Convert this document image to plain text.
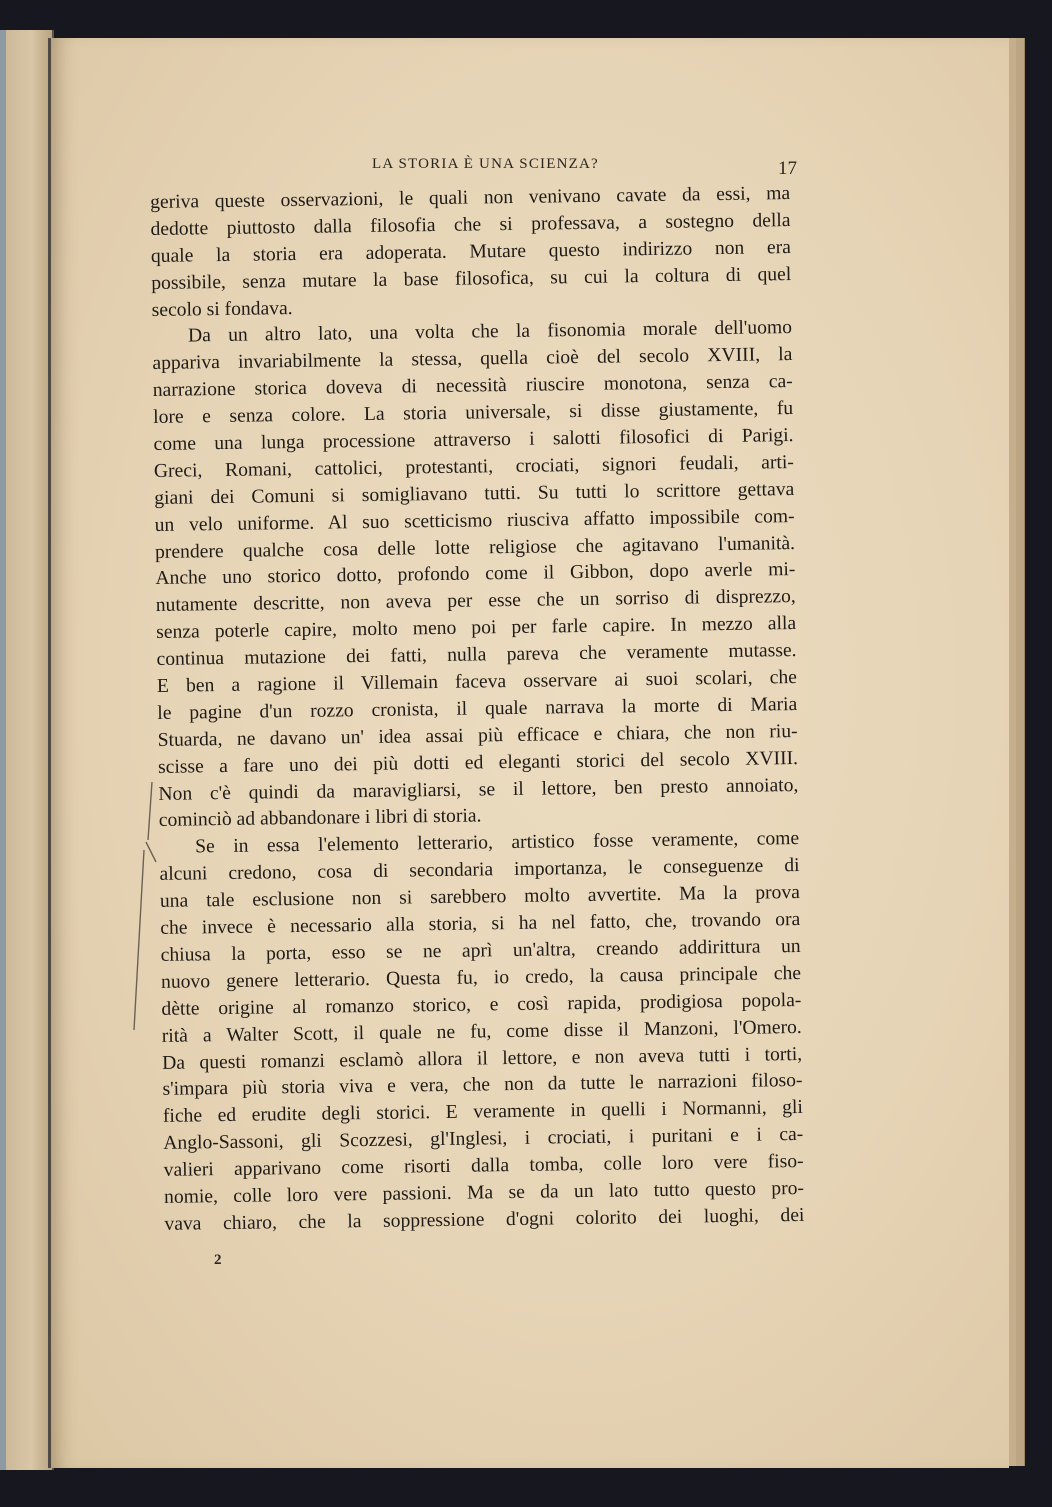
LA STORIA È UNA SCIENZA?	17
geriva queste osservazioni, le quali non venivano cavate da essi, ma
dedotte piuttosto dalla filosofia che si professava, a sostegno della
quale la storia era adoperata. Mutare questo indirizzo non era
possibile, senza mutare la base filosofica, su cui la coltura di quel
secolo si fondava.
Da un altro lato, una volta che la fisonomia morale dell'uomo
appariva invariabilmente la stessa, quella cioè del secolo XVIII, la
narrazione storica doveva di necessità riuscire monotona, senza ca-
lore e senza colore. La storia universale, si disse giustamente, fu
come una lunga processione attraverso i salotti filosofici di Parigi.
Greci, Romani, cattolici, protestanti, crociati, signori feudali, arti-
giani dei Comuni si somigliavano tutti. Su tutti lo scrittore gettava
un velo uniforme. Al suo scetticismo riusciva affatto impossibile com-
prendere qualche cosa delle lotte religiose che agitavano l'umanità.
Anche uno storico dotto, profondo come il Gibbon, dopo averle mi-
nutamente descritte, non aveva per esse che un sorriso di disprezzo,
senza poterle capire, molto meno poi per farle capire. In mezzo alla
continua mutazione dei fatti, nulla pareva che veramente mutasse.
E ben a ragione il Villemain faceva osservare ai suoi scolari, che
le pagine d'un rozzo cronista, il quale narrava la morte di Maria
Stuarda, ne davano un' idea assai più efficace e chiara, che non riu-
scisse a fare uno dei più dotti ed eleganti storici del secolo XVIII.
Non c'è quindi da maravigliarsi, se il lettore, ben presto annoiato,
cominciò ad abbandonare i libri di storia.
Se in essa l'elemento letterario, artistico fosse veramente, come
alcuni credono, cosa di secondaria importanza, le conseguenze di
una tale esclusione non si sarebbero molto avvertite. Ma la prova
che invece è necessario alla storia, si ha nel fatto, che, trovando ora
chiusa la porta, esso se ne aprì un'altra, creando addirittura un
nuovo genere letterario. Questa fu, io credo, la causa principale che
dètte origine al romanzo storico, e così rapida, prodigiosa popola-
rità a Walter Scott, il quale ne fu, come disse il Manzoni, l'Omero.
Da questi romanzi esclamò allora il lettore, e non aveva tutti i torti,
s'impara più storia viva e vera, che non da tutte le narrazioni filoso-
fiche ed erudite degli storici. E veramente in quelli i Normanni, gli
Anglo-Sassoni, gli Scozzesi, gl'Inglesi, i crociati, i puritani e i ca-
valieri apparivano come risorti dalla tomba, colle loro vere fiso-
nomie, colle loro vere passioni. Ma se da un lato tutto questo pro-
vava chiaro, che la soppressione d'ogni colorito dei luoghi, dei
2
